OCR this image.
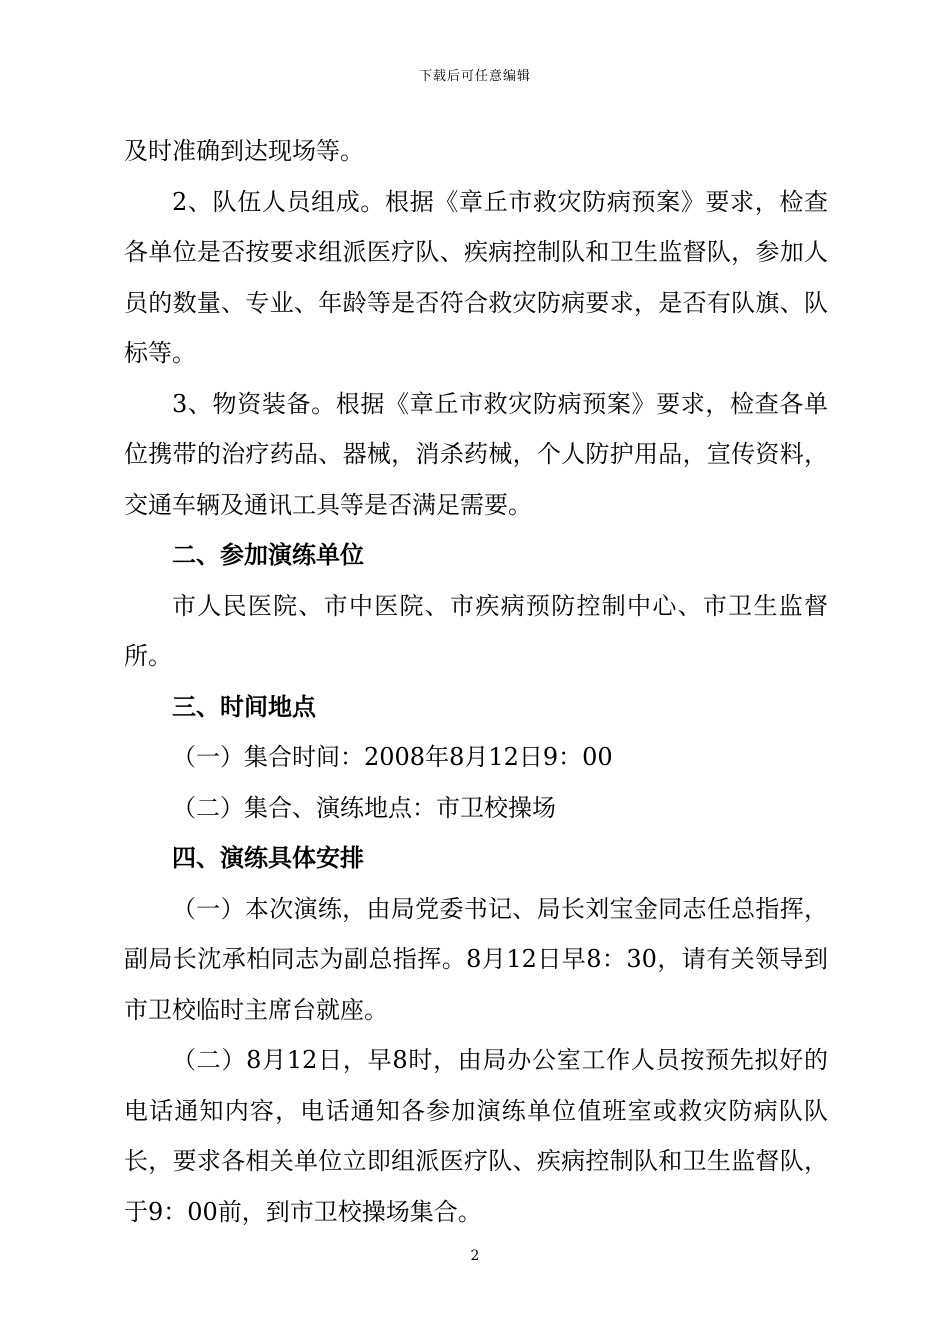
下载后可任意编辑

及时准确到达现场等。

2、队伍人员组成。根据《章丘市救灾防病预案》要求，检查各单位是否按要求组派医疗队、疾病控制队和卫生监督队，参加人员的数量、专业、年龄等是否符合救灾防病要求，是否有队旗、队标等。

3、物资装备。根据《章丘市救灾防病预案》要求，检查各单位携带的治疗药品、器械，消杀药械，个人防护用品，宣传资料，交通车辆及通讯工具等是否满足需要。

二、参加演练单位

市人民医院、市中医院、市疾病预防控制中心、市卫生监督所。

三、时间地点

（一）集合时间：2008年8月12日9：00

（二）集合、演练地点：市卫校操场

四、演练具体安排

（一）本次演练，由局党委书记、局长刘宝金同志任总指挥，副局长沈承柏同志为副总指挥。8月12日早8：30，请有关领导到市卫校临时主席台就座。

（二）8月12日，早8时，由局办公室工作人员按预先拟好的电话通知内容，电话通知各参加演练单位值班室或救灾防病队队长，要求各相关单位立即组派医疗队、疾病控制队和卫生监督队，于9：00前，到市卫校操场集合。

2
